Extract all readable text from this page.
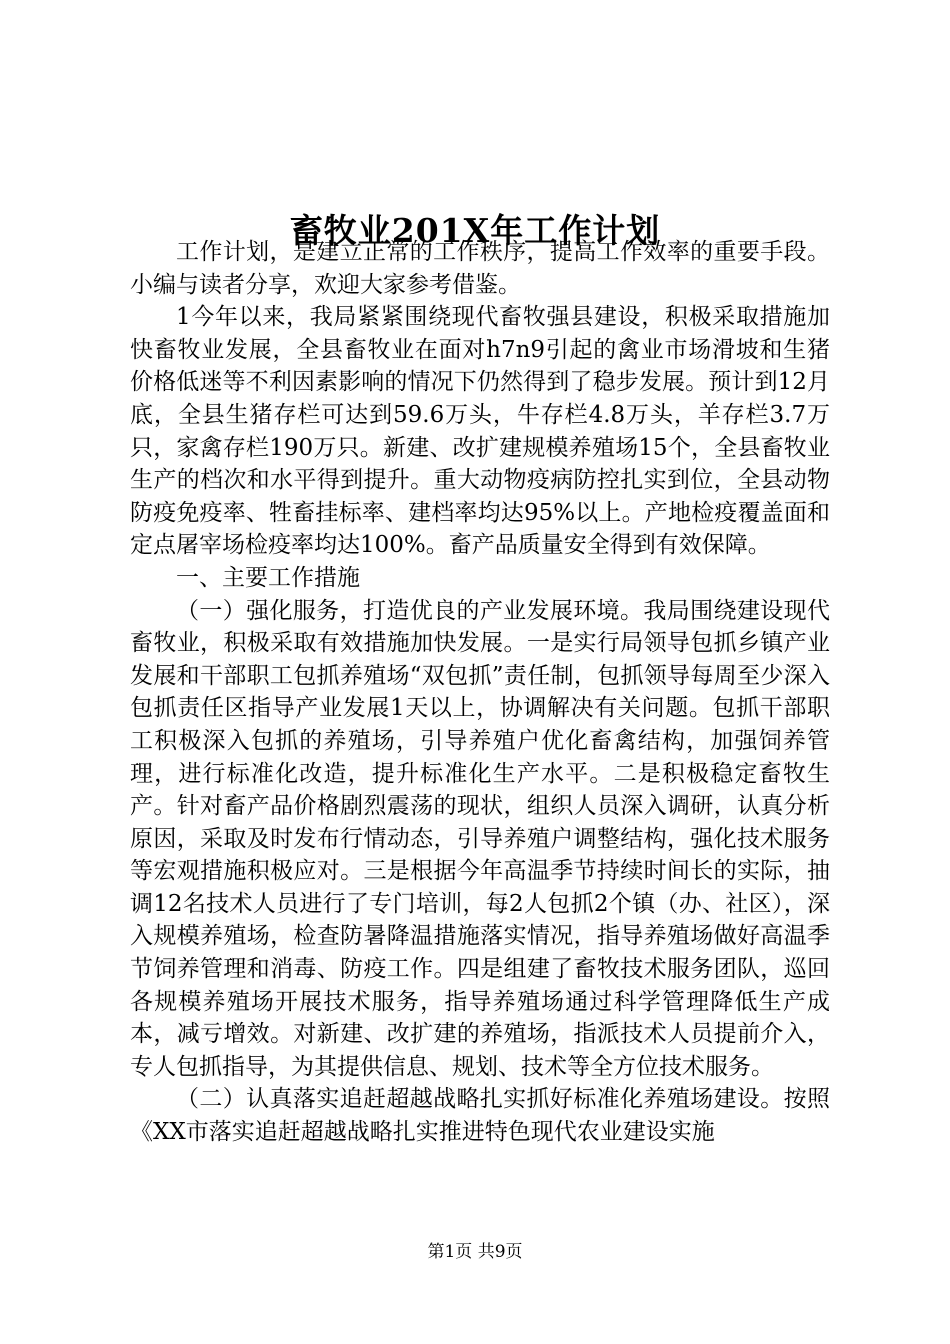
畜牧业201X年工作计划

工作计划，是建立正常的工作秩序，提高工作效率的重要手段。小编与读者分享，欢迎大家参考借鉴。

1今年以来，我局紧紧围绕现代畜牧强县建设，积极采取措施加快畜牧业发展，全县畜牧业在面对h7n9引起的禽业市场滑坡和生猪价格低迷等不利因素影响的情况下仍然得到了稳步发展。预计到12月底，全县生猪存栏可达到59.6万头，牛存栏4.8万头，羊存栏3.7万只，家禽存栏190万只。新建、改扩建规模养殖场15个，全县畜牧业生产的档次和水平得到提升。重大动物疫病防控扎实到位，全县动物防疫免疫率、牲畜挂标率、建档率均达95%以上。产地检疫覆盖面和定点屠宰场检疫率均达100%。畜产品质量安全得到有效保障。

一、主要工作措施

（一）强化服务，打造优良的产业发展环境。我局围绕建设现代畜牧业，积极采取有效措施加快发展。一是实行局领导包抓乡镇产业发展和干部职工包抓养殖场“双包抓”责任制，包抓领导每周至少深入包抓责任区指导产业发展1天以上，协调解决有关问题。包抓干部职工积极深入包抓的养殖场，引导养殖户优化畜禽结构，加强饲养管理，进行标准化改造，提升标准化生产水平。二是积极稳定畜牧生产。针对畜产品价格剧烈震荡的现状，组织人员深入调研，认真分析原因，采取及时发布行情动态，引导养殖户调整结构，强化技术服务等宏观措施积极应对。三是根据今年高温季节持续时间长的实际，抽调12名技术人员进行了专门培训，每2人包抓2个镇（办、社区），深入规模养殖场，检查防暑降温措施落实情况，指导养殖场做好高温季节饲养管理和消毒、防疫工作。四是组建了畜牧技术服务团队，巡回各规模养殖场开展技术服务，指导养殖场通过科学管理降低生产成本，减亏增效。对新建、改扩建的养殖场，指派技术人员提前介入，专人包抓指导，为其提供信息、规划、技术等全方位技术服务。

（二）认真落实追赶超越战略扎实抓好标准化养殖场建设。按照《XX市落实追赶超越战略扎实推进特色现代农业建设实施

第1页 共9页
